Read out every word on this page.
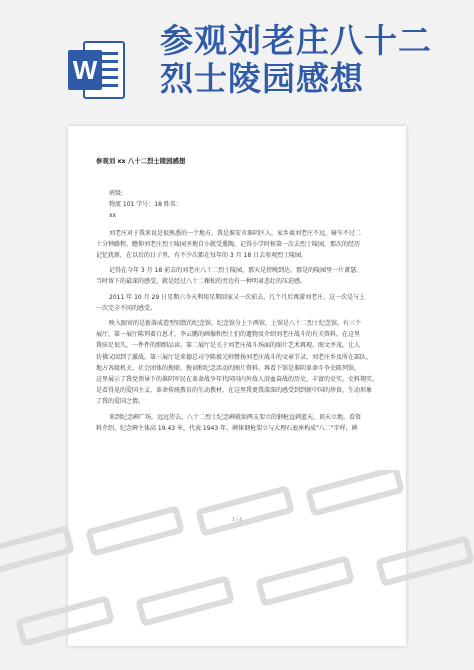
W
参观刘老庄八十二
烈士陵园感想

参观刘 xx 八十二烈士陵园感想

班级:

物流 101 学号：18 姓名：

xx

刘老庄对于我来说是很熟悉的一个地方，我是淮安市淮阴区人，家乡离刘老庄不远，骑车不过二

十分钟路程。瞻仰刘老庄烈士陵园圣地自小就受熏陶，记得小学时候第一次去烈士陵园，那次的经历

记忆犹新，在以后的日子里，有不少次都在每年的 3 月 18 日去参观烈士陵园。

记得在今年 3 月 18 前去的刘老庄八十二烈士陵园，那天是傍晚到达，那是的陵园里一片萧瑟，

当时留下的最深的感受，就是经过八十二棵松的旁边有一种明肃悲壮的压迫感。

2011 年 10 月 29 日星期六今天利用星期回家又一次前去，几个月后再游刘老庄，这一次是与上

一次完全不同的感受。

映入眼帘的是新落成造型别致的纪念馆。纪念馆分上下两馆，上馆是八十二烈士纪念馆，有三个

展厅，第一展厅陈列着白恩才，李云鹏的画像和烈士们的遗物及介绍刘老庄战斗的有关资料。在这里

我驻足很久，一件件的细细品读。第二展厅是关于刘老庄战斗场面的图片艺术再现，图文并茂，让人

仿佛又回到了激战。第三展厅是来德总司令陈毅元帅赞扬刘老庄战斗的文章节录，刘老庄乡及所在部队、

地方各级机关、社会团体的挽联、挽词和纪念活动的图片资料。再看下馆是淮阴革命斗争史陈列馆，

这里展示了我党领导下的淮阴军民在革命战争年代同国内外敌人浴血奋战的历史，丰富的史实，史料翔实，

是看得见的爱国主义、革命传统教育的生动教材。在这里我更我深深的感受到到新中国的珍贵，生动形象

了我的爱国之情。

来到纪念碑广场，远远望去，八十二烈士纪念碑就如两支架立的钢枪直刺蓝天，顶天立地。看资

料介绍，纪念碑主体高 19.43 米，代表 1943 年，碑体钢枪架立与大理石底座构成"八二"字样，碑

1 / 4
